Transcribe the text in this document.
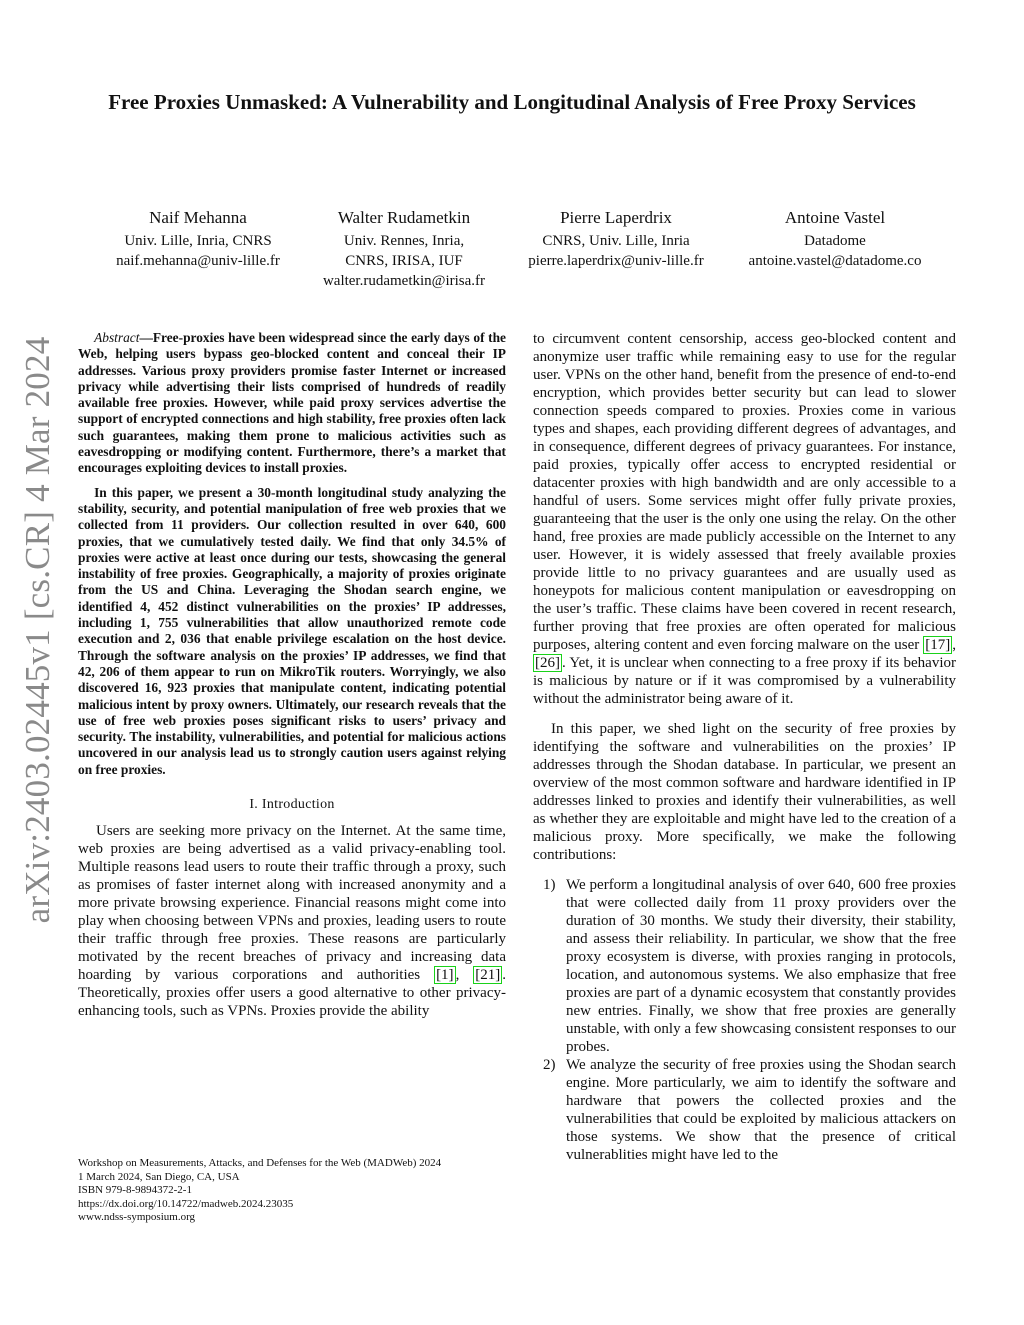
arXiv:2403.02445v1 [cs.CR] 4 Mar 2024
Free Proxies Unmasked: A Vulnerability and Longitudinal Analysis of Free Proxy Services
Naif Mehanna
Univ. Lille, Inria, CNRS
naif.mehanna@univ-lille.fr
Walter Rudametkin
Univ. Rennes, Inria,
CNRS, IRISA, IUF
walter.rudametkin@irisa.fr
Pierre Laperdrix
CNRS, Univ. Lille, Inria
pierre.laperdrix@univ-lille.fr
Antoine Vastel
Datadome
antoine.vastel@datadome.co

Abstract—Free-proxies have been widespread since the early days of the Web, helping users bypass geo-blocked content and conceal their IP addresses. Various proxy providers promise faster Internet or increased privacy while advertising their lists comprised of hundreds of readily available free proxies. However, while paid proxy services advertise the support of encrypted connections and high stability, free proxies often lack such guarantees, making them prone to malicious activities such as eavesdropping or modifying content. Furthermore, there’s a market that encourages exploiting devices to install proxies.

In this paper, we present a 30-month longitudinal study analyzing the stability, security, and potential manipulation of free web proxies that we collected from 11 providers. Our collection resulted in over 640, 600 proxies, that we cumulatively tested daily. We find that only 34.5% of proxies were active at least once during our tests, showcasing the general instability of free proxies. Geographically, a majority of proxies originate from the US and China. Leveraging the Shodan search engine, we identified 4, 452 distinct vulnerabilities on the proxies’ IP addresses, including 1, 755 vulnerabilities that allow unauthorized remote code execution and 2, 036 that enable privilege escalation on the host device. Through the software analysis on the proxies’ IP addresses, we find that 42, 206 of them appear to run on MikroTik routers. Worryingly, we also discovered 16, 923 proxies that manipulate content, indicating potential malicious intent by proxy owners. Ultimately, our research reveals that the use of free web proxies poses significant risks to users’ privacy and security. The instability, vulnerabilities, and potential for malicious actions uncovered in our analysis lead us to strongly caution users against relying on free proxies.

I. Introduction

Users are seeking more privacy on the Internet. At the same time, web proxies are being advertised as a valid privacy-enabling tool. Multiple reasons lead users to route their traffic through a proxy, such as promises of faster internet along with increased anonymity and a more private browsing experience. Financial reasons might come into play when choosing between VPNs and proxies, leading users to route their traffic through free proxies. These reasons are particularly motivated by the recent breaches of privacy and increasing data hoarding by various corporations and authorities [1] , [21] . Theoretically, proxies offer users a good alternative to other privacy-enhancing tools, such as VPNs. Proxies provide the ability

to circumvent content censorship, access geo-blocked content and anonymize user traffic while remaining easy to use for the regular user. VPNs on the other hand, benefit from the presence of end-to-end encryption, which provides better security but can lead to slower connection speeds compared to proxies. Proxies come in various types and shapes, each providing different degrees of advantages, and in consequence, different degrees of privacy guarantees. For instance, paid proxies, typically offer access to encrypted residential or datacenter proxies with high bandwidth and are only accessible to a handful of users. Some services might offer fully private proxies, guaranteeing that the user is the only one using the relay. On the other hand, free proxies are made publicly accessible on the Internet to any user. However, it is widely assessed that freely available proxies provide little to no privacy guarantees and are usually used as honeypots for malicious content manipulation or eavesdropping on the user’s traffic. These claims have been covered in recent research, further proving that free proxies are often operated for malicious purposes, altering content and even forcing malware on the user [17] , [26] . Yet, it is unclear when connecting to a free proxy if its behavior is malicious by nature or if it was compromised by a vulnerability without the administrator being aware of it.

In this paper, we shed light on the security of free proxies by identifying the software and vulnerabilities on the proxies’ IP addresses through the Shodan database. In particular, we present an overview of the most common software and hardware identified in IP addresses linked to proxies and identify their vulnerabilities, as well as whether they are exploitable and might have led to the creation of a malicious proxy. More specifically, we make the following contributions:

1) We perform a longitudinal analysis of over 640, 600 free proxies that were collected daily from 11 proxy providers over the duration of 30 months. We study their diversity, their stability, and assess their reliability. In particular, we show that the free proxy ecosystem is diverse, with proxies ranging in protocols, location, and autonomous systems. We also emphasize that free proxies are part of a dynamic ecosystem that constantly provides new entries. Finally, we show that free proxies are generally unstable, with only a few showcasing consistent responses to our probes.
2) We analyze the security of free proxies using the Shodan search engine. More particularly, we aim to identify the software and hardware that powers the collected proxies and the vulnerabilities that could be exploited by malicious attackers on those systems. We show that the presence of critical vulnerablities might have led to the
Workshop on Measurements, Attacks, and Defenses for the Web (MADWeb) 2024
1 March 2024, San Diego, CA, USA
ISBN 979-8-9894372-2-1
https://dx.doi.org/10.14722/madweb.2024.23035
www.ndss-symposium.org
